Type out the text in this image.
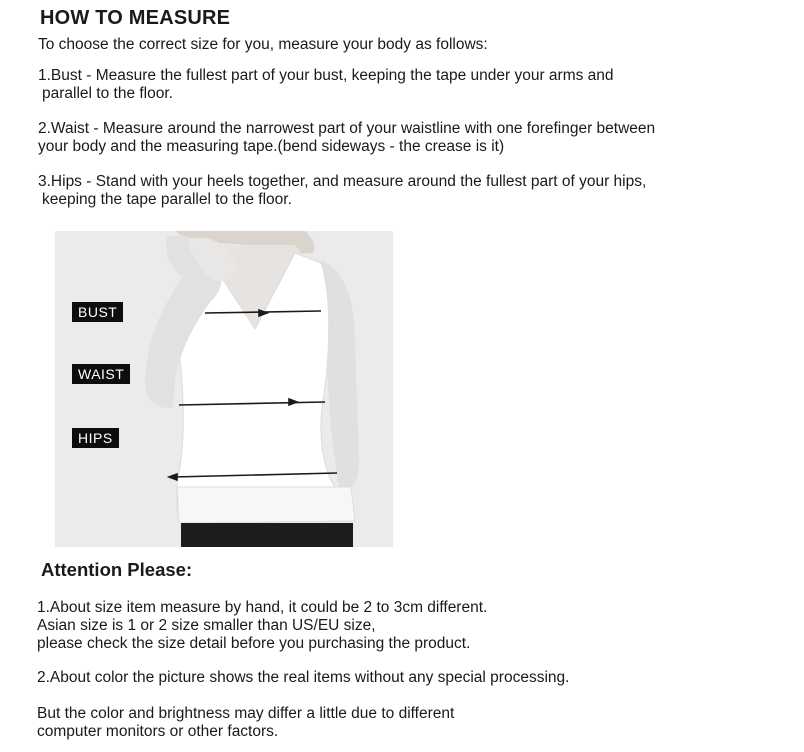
HOW TO MEASURE

To choose the correct size for you, measure your body as follows:

1.Bust - Measure the fullest part of your bust, keeping the tape under your arms and
parallel to the floor.
2.Waist - Measure around the narrowest part of your waistline with one forefinger between
your body and the measuring tape.(bend sideways - the crease is it)
3.Hips - Stand with your heels together, and measure around the fullest part of your hips,
keeping the tape parallel to the floor.
BUST
WAIST
HIPS
Attention Please:
1.About size item measure by hand, it could be 2 to 3cm different.
Asian size is 1 or 2 size smaller than US/EU size,
please check the size detail before you purchasing the product.
2.About color the picture shows the real items without any special processing.
But the color and brightness may differ a little due to different
computer monitors or other factors.
